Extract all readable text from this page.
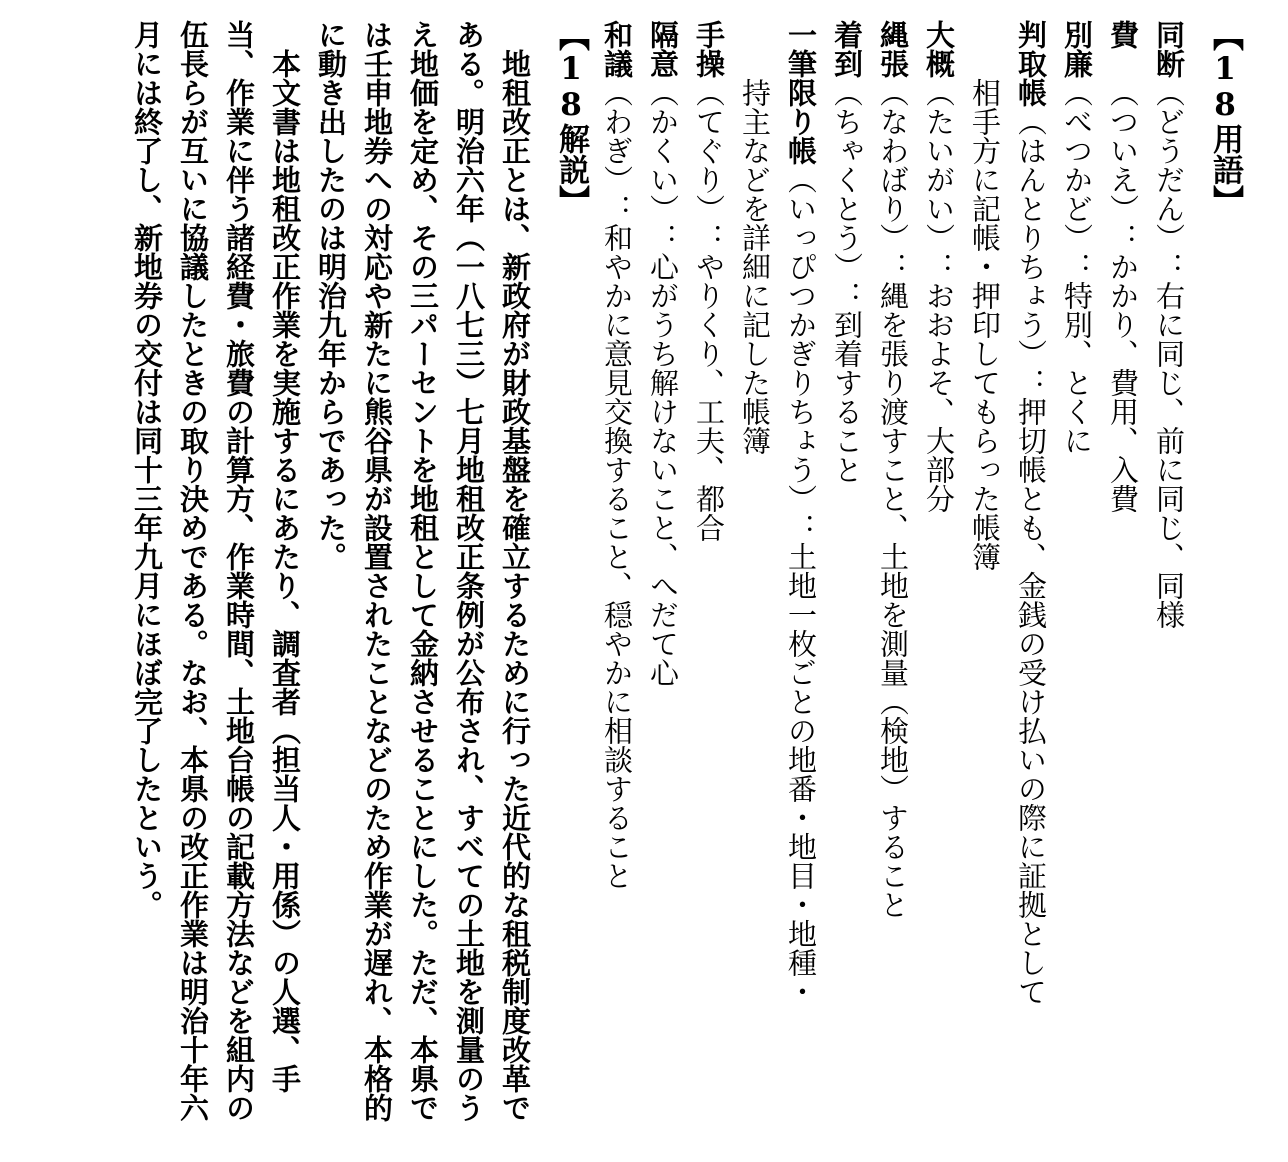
【18用語】
同断（どうだん）：右に同じ、前に同じ、同様
費　（ついえ）：かかり、費用、入費
別廉（べつかど）：特別、とくに
判取帳（はんとりちょう）：押切帳とも、金銭の受け払いの際に証拠として
相手方に記帳・押印してもらった帳簿
大概（たいがい）：おおよそ、大部分
縄張（なわばり）：縄を張り渡すこと、土地を測量（検地）すること
着到（ちゃくとう）：到着すること
一筆限り帳（いっぴつかぎりちょう）：土地一枚ごとの地番・地目・地種・
持主などを詳細に記した帳簿
手操（てぐり）：やりくり、工夫、都合
隔意（かくい）：心がうち解けないこと、へだて心
和議（わぎ）：和やかに意見交換すること、穏やかに相談すること
【18解説】

地租改正とは、新政府が財政基盤を確立するために行った近代的な租税制度改革である。明治六年（一八七三）七月地租改正条例が公布され、すべての土地を測量のうえ地価を定め、その三パーセントを地租として金納させることにした。ただ、本県では壬申地券への対応や新たに熊谷県が設置されたことなどのため作業が遅れ、本格的に動き出したのは明治九年からであった。

本文書は地租改正作業を実施するにあたり、調査者（担当人・用係）の人選、手当、作業に伴う諸経費・旅費の計算方、作業時間、土地台帳の記載方法などを組内の伍長らが互いに協議したときの取り決めである。なお、本県の改正作業は明治十年六月には終了し、新地券の交付は同十三年九月にほぼ完了したという。
